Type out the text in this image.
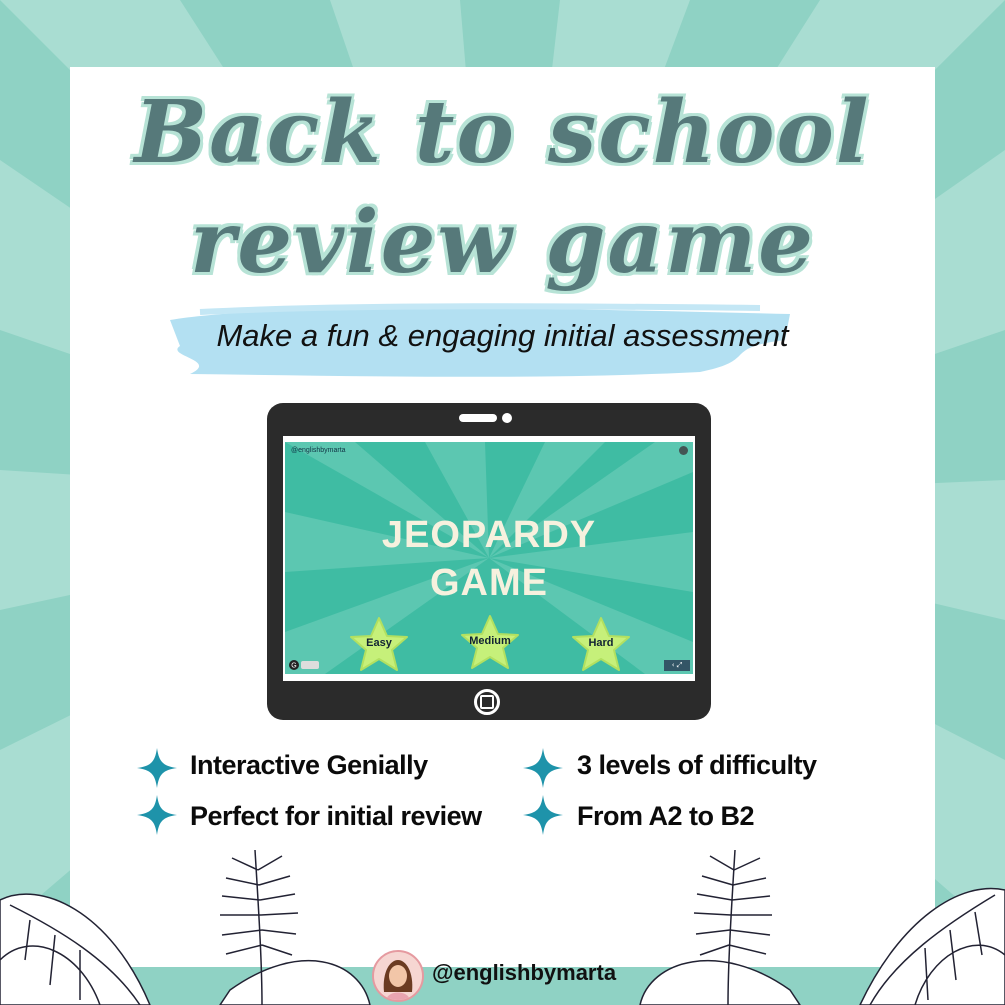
Back to school
review game
Make a fun & engaging initial assessment
@englishbymarta
JEOPARDY
GAME
Easy	Medium	Hard
G	‹ ⤢
Interactive Genially
Perfect for initial review
3 levels of difficulty
From A2 to B2
@englishbymarta
